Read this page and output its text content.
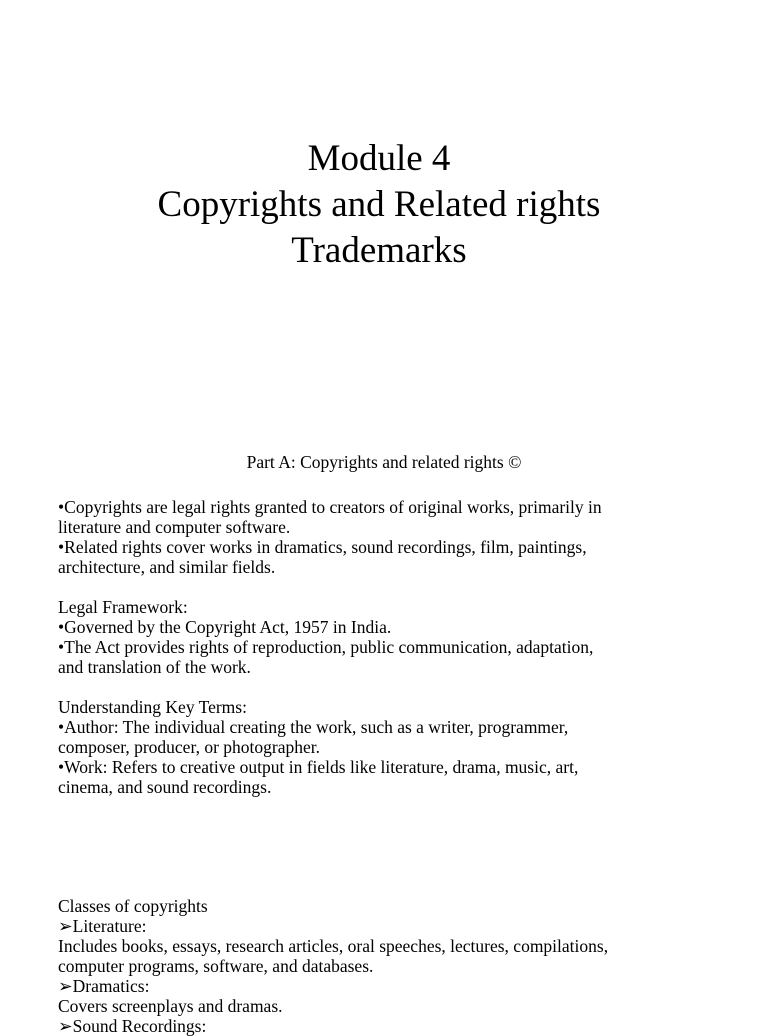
Module 4
Copyrights and Related rights
Trademarks
Part A: Copyrights and related rights ©
•Copyrights are legal rights granted to creators of original works, primarily in
literature and computer software.
•Related rights cover works in dramatics, sound recordings, film, paintings,
architecture, and similar fields.
Legal Framework:
•Governed by the Copyright Act, 1957 in India.
•The Act provides rights of reproduction, public communication, adaptation,
and translation of the work.
Understanding Key Terms:
•Author: The individual creating the work, such as a writer, programmer,
composer, producer, or photographer.
•Work: Refers to creative output in fields like literature, drama, music, art,
cinema, and sound recordings.
Classes of copyrights
➢Literature:
Includes books, essays, research articles, oral speeches, lectures, compilations,
computer programs, software, and databases.
➢Dramatics:
Covers screenplays and dramas.
➢Sound Recordings:
